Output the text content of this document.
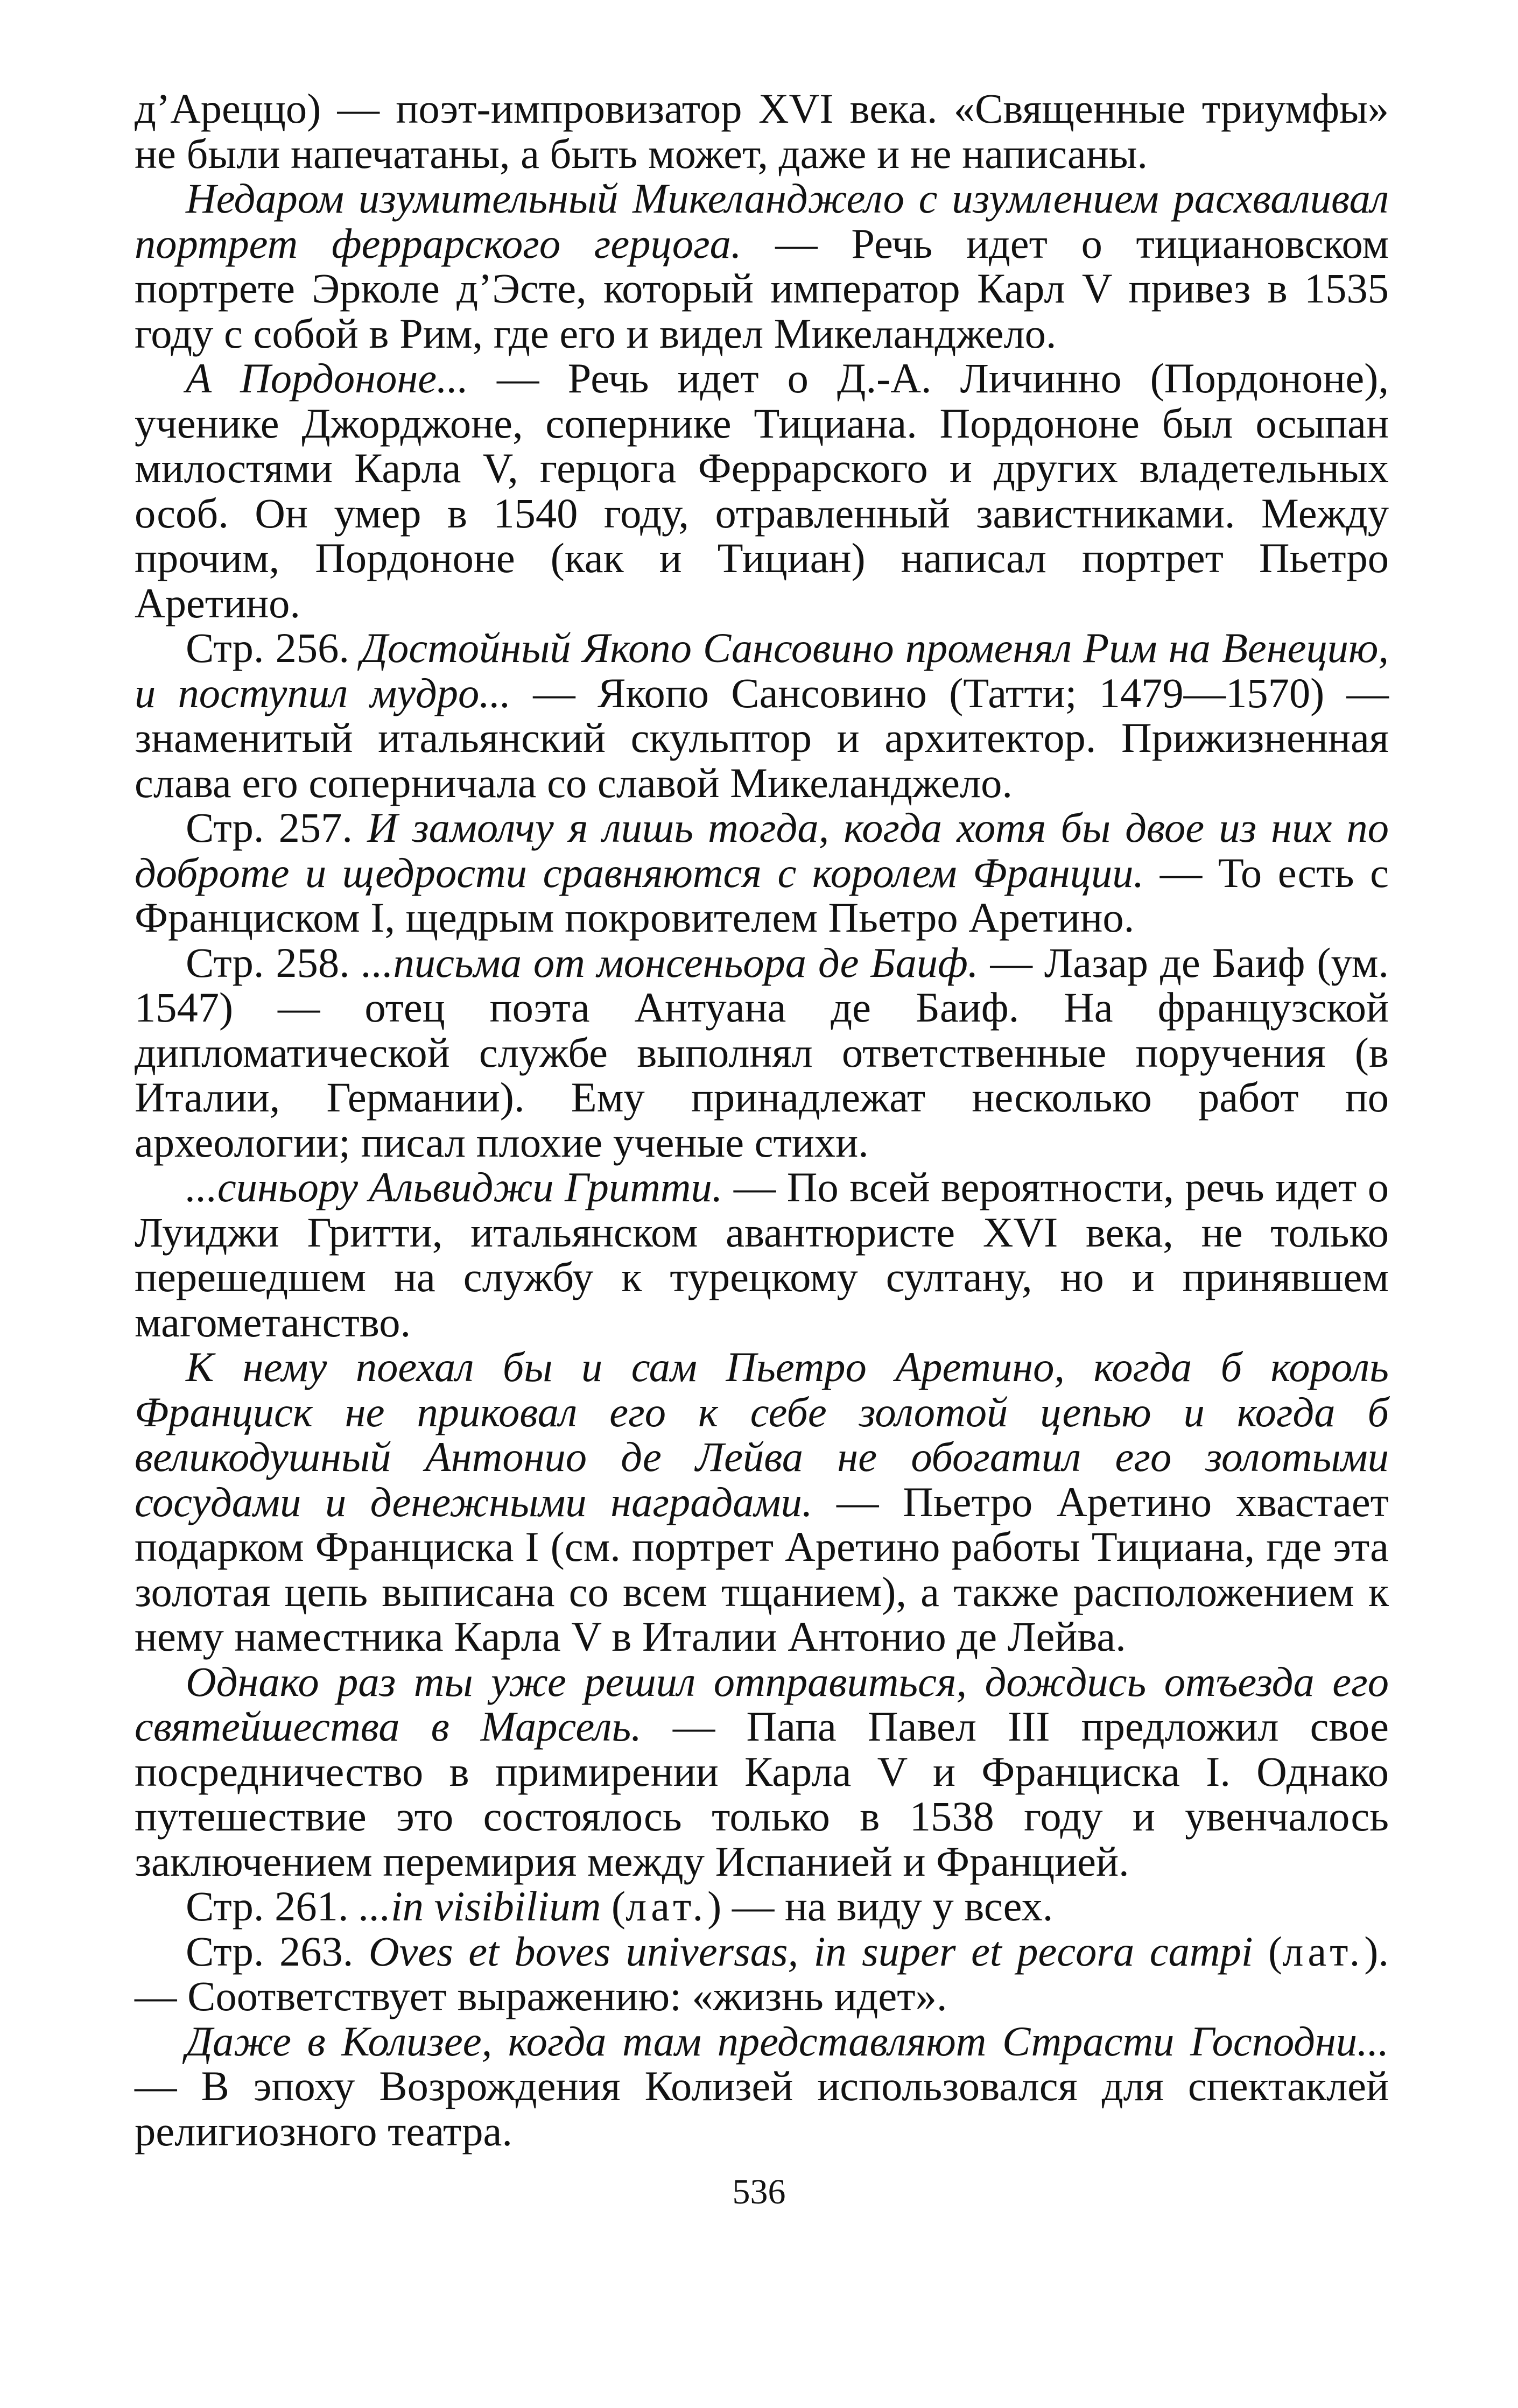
д’Ареццо) — поэт-импровизатор XVI века. «Священные триумфы» не были напечатаны, а быть может, даже и не написаны.

Недаром изумительный Микеланджело с изумлением расхваливал портрет феррарского герцога. — Речь идет о тициановском портрете Эрколе д’Эсте, который император Карл V привез в 1535 году с собой в Рим, где его и видел Микеланджело.

А Пордононе... — Речь идет о Д.-А. Личинно (Пордононе), ученике Джорджоне, сопернике Тициана. Пордононе был осыпан милостями Карла V, герцога Феррарского и других владетельных особ. Он умер в 1540 году, отравленный завистниками. Между прочим, Пордононе (как и Тициан) написал портрет Пьетро Аретино.

Стр. 256. Достойный Якопо Сансовино променял Рим на Венецию, и поступил мудро... — Якопо Сансовино (Татти; 1479—1570) — знаменитый итальянский скульптор и архитектор. Прижизненная слава его соперничала со славой Микеланджело.

Стр. 257. И замолчу я лишь тогда, когда хотя бы двое из них по доброте и щедрости сравняются с королем Франции. — То есть с Франциском I, щедрым покровителем Пьетро Аретино.

Стр. 258. ...письма от монсеньора де Баиф. — Лазар де Баиф (ум. 1547) — отец поэта Антуана де Баиф. На французской дипломатической службе выполнял ответственные поручения (в Италии, Германии). Ему принадлежат несколько работ по археологии; писал плохие ученые стихи.

...синьору Альвиджи Гритти. — По всей вероятности, речь идет о Луиджи Гритти, итальянском авантюристе XVI века, не только перешедшем на службу к турецкому султану, но и принявшем магометанство.

К нему поехал бы и сам Пьетро Аретино, когда б король Франциск не приковал его к себе золотой цепью и когда б великодушный Антонио де Лейва не обогатил его золотыми сосудами и денежными наградами. — Пьетро Аретино хвастает подарком Франциска I (см. портрет Аретино работы Тициана, где эта золотая цепь выписана со всем тщанием), а также расположением к нему наместника Карла V в Италии Антонио де Лейва.

Однако раз ты уже решил отправиться, дождись отъезда его святейшества в Марсель. — Папа Павел III предложил свое посредничество в примирении Карла V и Франциска I. Однако путешествие это состоялось только в 1538 году и увенчалось заключением перемирия между Испанией и Францией.

Стр. 261. ...in visibilium (лат.) — на виду у всех.

Стр. 263. Oves et boves universas, in super et pecora campi (лат.). — Соответствует выражению: «жизнь идет».

Даже в Колизее, когда там представляют Страсти Господни... — В эпоху Возрождения Колизей использовался для спектаклей религиозного театра.

536
